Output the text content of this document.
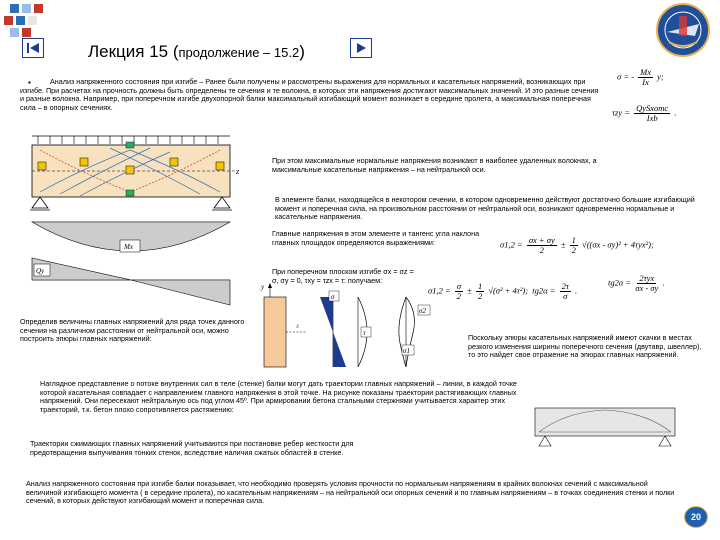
Лекция 15 (продолжение – 15.2)
σ = - $\frac{Mx}{Ix} y$;
$\tau zy = \frac{\text{QySxотс}}{\text{Ixb}}$ .
▪	Анализ напряженного состояния при изгибе – Ранее были получены и рассмотрены выражения для нормальных и касательных напряжений, возникающих при изгибе. При расчетах на прочность должны быть определены те сечения и те волокна, в которых эти напряжения достигают максимальных значений. И это разные сечения и разные волокна. Например, при поперечном изгибе двухопорной балки максимальный изгибающий момент возникает в середине пролета, а максимальная поперечная сила – в опорных сечениях.
z
Mx
Qy
При этом максимальные нормальные напряжения возникают в наиболее удаленных волокнах, а максимальные касательные напряжения – на нейтральной оси.
В элементе балки, находящейся в некотором сечении, в котором одновременно действуют достаточно большие изгибающий момент и поперечная сила, на произвольном расстоянии от нейтральной оси, возникают одновременно нормальные и касательные напряжения.
Главные напряжения в этом элементе и тангенс угла наклона главных площадок определяются выражениями:	$\sigma 1,2 = \frac{\sigma x + \sigma y}{2} \pm \frac{1}{2} √((\sigma x - \sigma y)^2 + 4\tau yx^2)$;
При поперечном плоском изгибе σx = σz = σ, σy = 0, τxy = τzx = τ: получаем:
$\sigma 1,2 = \frac{\sigma}{2} \pm \frac{1}{2} √(\sigma^2 + 4\tau^2)$; $tg2\alpha = \frac{2\tau}{\sigma}$ .
$tg2\alpha = \frac{\text{2τyx}}{\sigma x - \sigma y}$ .
y
x
σ
τ
σ2
σ1
Определив величины главных напряжений для ряда точек данного сечения на различном расстоянии от нейтральной оси, можно построить эпюры главных напряжений:	Поскольку эпюры касательных напряжений имеют скачки в местах резкого изменения ширины поперечного сечения (двутавр, швеллер), то это найдет свое отражение на эпюрах главных напряжений.
Наглядное представление о потоке внутренних сил в теле (стенке) балки могут дать траектории главных напряжений – линии, в каждой точке которой касательная совпадает с направлением главного напряжения в этой точке. На рисунке показаны траектории растягивающих главных напряжений. Они пересекают нейтральную ось под углом 45º. При армировании бетона стальными стержнями учитывается характер этих траекторий, т.к. бетон плохо сопротивляется растяжению:
Траектории сжимающих главных напряжений учитываются при постановке ребер жесткости для предотвращения выпучивания тонких стенок, вследствие наличия сжатых областей в стенке.
Анализ напряженного состояния при изгибе балки показывает, что необходимо проверять условия прочности по нормальным напряжениям в крайних волокнах сечений с максимальной величиной изгибающего момента ( в середине пролета), по касательным напряжениям – на нейтральной оси опорных сечений и по главным напряжениям – в точках соединения стенки и полки сечений, в которых действуют изгибающий момент и поперечная сила.
20
